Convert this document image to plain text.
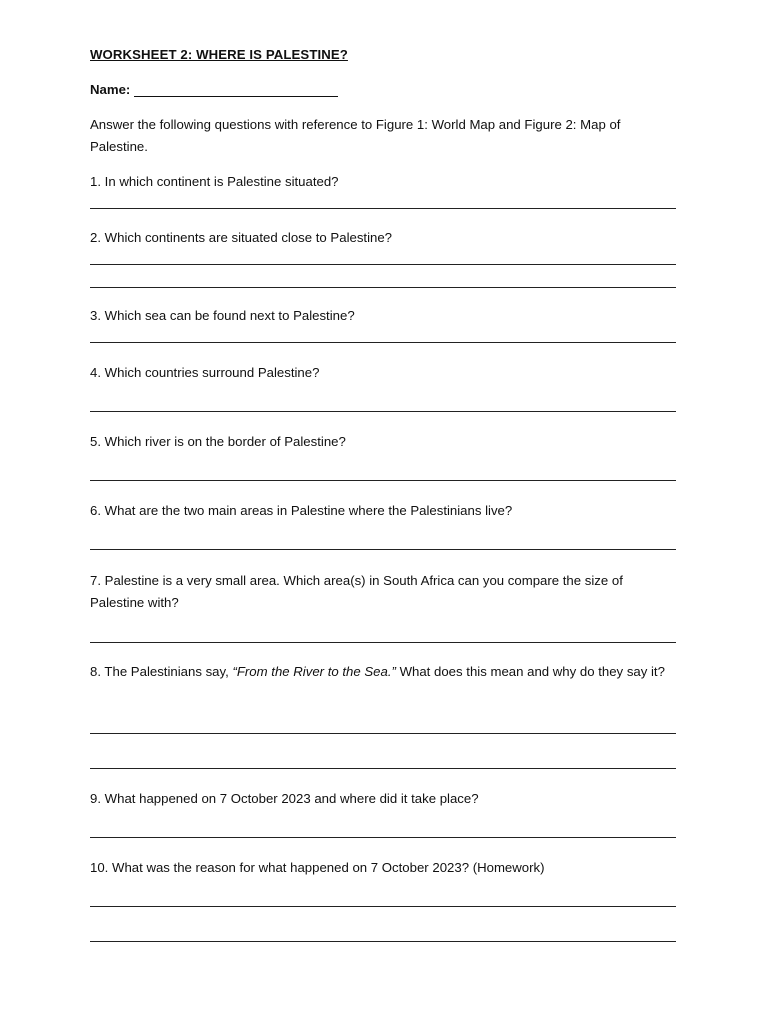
WORKSHEET 2: WHERE IS PALESTINE?
Name:
Answer the following questions with reference to Figure 1: World Map and Figure 2: Map of Palestine.
1. In which continent is Palestine situated?
2. Which continents are situated close to Palestine?
3. Which sea can be found next to Palestine?
4. Which countries surround Palestine?
5. Which river is on the border of Palestine?
6. What are the two main areas in Palestine where the Palestinians live?
7. Palestine is a very small area. Which area(s) in South Africa can you compare the size of Palestine with?
8. The Palestinians say, “From the River to the Sea.” What does this mean and why do they say it?
9. What happened on 7 October 2023 and where did it take place?
10. What was the reason for what happened on 7 October 2023? (Homework)
